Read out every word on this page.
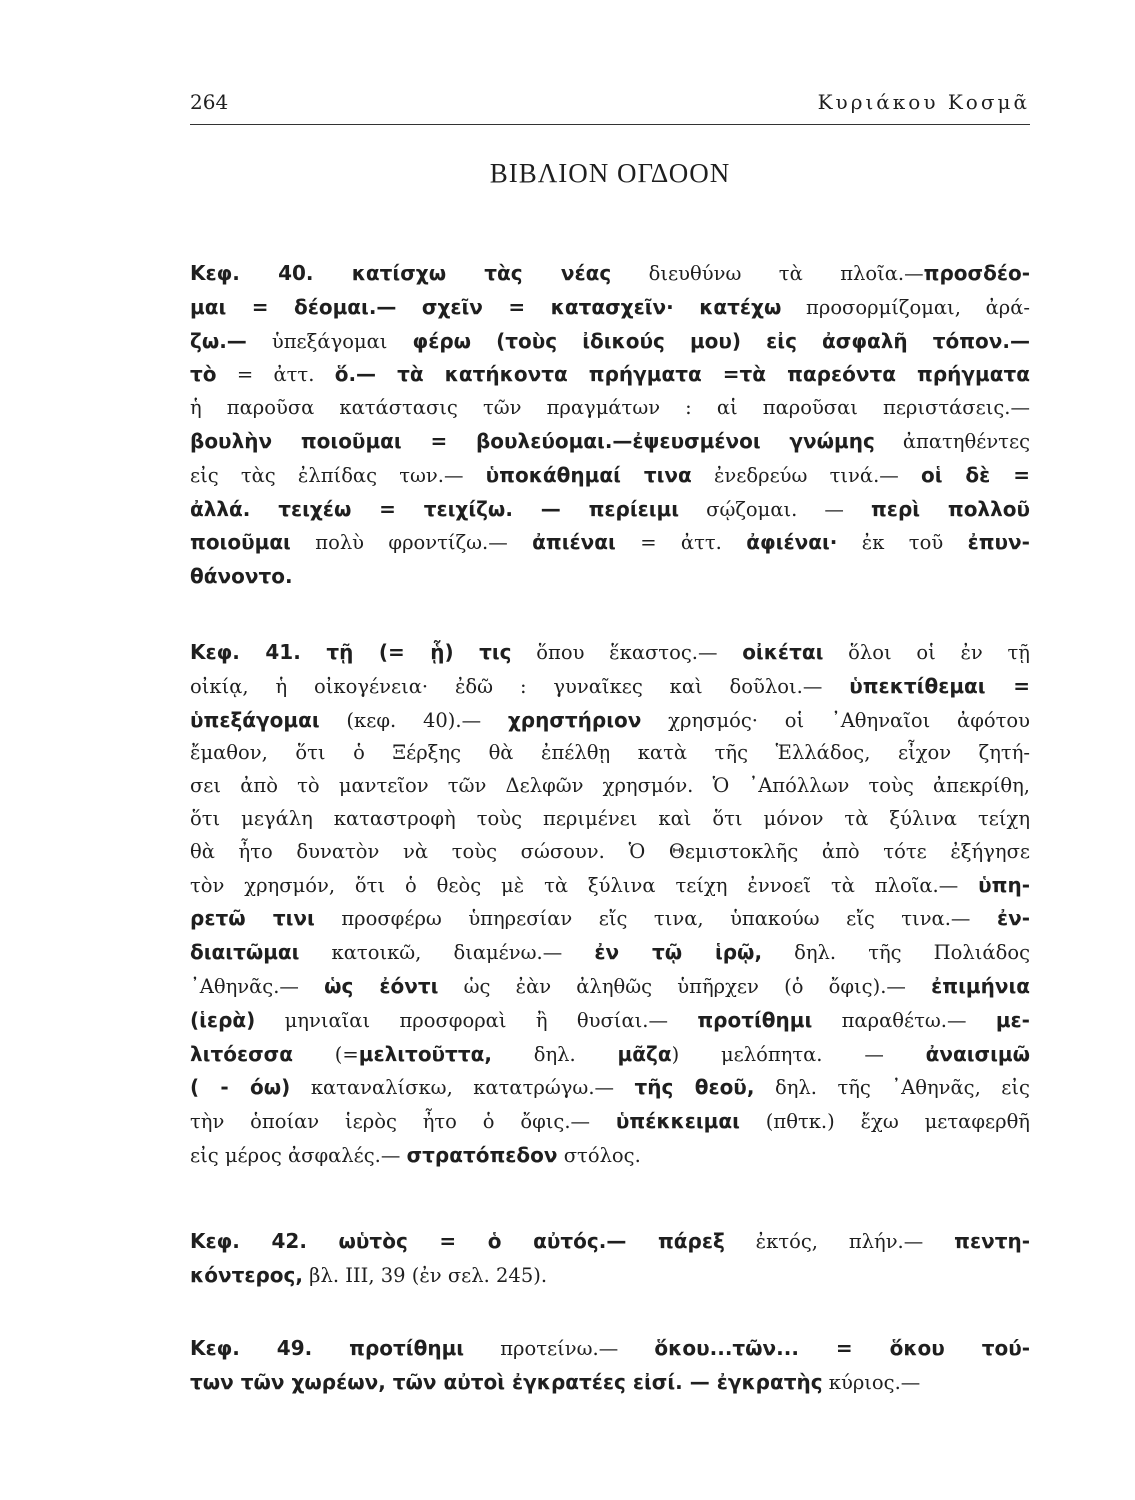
264	Κυριάκου Κοσμᾶ
ΒΙΒΛΙΟΝ ΟΓΔΟΟΝ
Κεφ. 40. κατίσχω τὰς νέας διευθύνω τὰ πλοῖα.—προσδέο-
μαι = δέομαι.— σχεῖν = κατασχεῖν· κατέχω προσορμίζομαι, ἀρά-
ζω.— ὑπεξάγομαι φέρω (τοὺς ἰδικούς μου) εἰς ἀσφαλῆ τόπον.—
τὸ = ἀττ. ὅ.— τὰ κατήκοντα πρήγματα =τὰ παρεόντα πρήγματα
ἡ παροῦσα κατάστασις τῶν πραγμάτων : αἱ παροῦσαι περιστάσεις.—
βουλὴν ποιοῦμαι = βουλεύομαι.—ἐψευσμένοι γνώμης ἀπατηθέντες
εἰς τὰς ἐλπίδας των.— ὑποκάθημαί τινα ἐνεδρεύω τινά.— οἱ δὲ =
ἀλλά. τειχέω = τειχίζω. — περίειμι σῴζομαι. — περὶ πολλοῦ
ποιοῦμαι πολὺ φροντίζω.— ἀπιέναι = ἀττ. ἀφιέναι· ἐκ τοῦ ἐπυν-
θάνοντο.
Κεφ. 41. τῇ (= ᾗ) τις ὅπου ἕκαστος.— οἰκέται ὅλοι οἱ ἐν τῇ
οἰκίᾳ, ἡ οἰκογένεια· ἐδῶ : γυναῖκες καὶ δοῦλοι.— ὑπεκτίθεμαι =
ὑπεξάγομαι (κεφ. 40).— χρηστήριον χρησμός· οἱ ᾿Αθηναῖοι ἀφότου
ἔμαθον, ὅτι ὁ Ξέρξης θὰ ἐπέλθῃ κατὰ τῆς Ἑλλάδος, εἶχον ζητή-
σει ἀπὸ τὸ μαντεῖον τῶν Δελφῶν χρησμόν. Ὁ ᾿Απόλλων τοὺς ἀπεκρίθη,
ὅτι μεγάλη καταστροφὴ τοὺς περιμένει καὶ ὅτι μόνον τὰ ξύλινα τείχη
θὰ ἦτο δυνατὸν νὰ τοὺς σώσουν. Ὁ Θεμιστοκλῆς ἀπὸ τότε ἐξήγησε
τὸν χρησμόν, ὅτι ὁ θεὸς μὲ τὰ ξύλινα τείχη ἐννοεῖ τὰ πλοῖα.— ὑπη-
ρετῶ τινι προσφέρω ὑπηρεσίαν εἴς τινα, ὑπακούω εἴς τινα.— ἐν-
διαιτῶμαι κατοικῶ, διαμένω.— ἐν τῷ ἱρῷ, δηλ. τῆς Πολιάδος
᾿Αθηνᾶς.— ὡς ἐόντι ὡς ἐὰν ἀληθῶς ὑπῆρχεν (ὁ ὄφις).— ἐπιμήνια
(ἱερὰ) μηνιαῖαι προσφοραὶ ἢ θυσίαι.— προτίθημι παραθέτω.— με-
λιτόεσσα (=μελιτοῦττα, δηλ. μᾶζα) μελόπητα. — ἀναισιμῶ
( - όω) καταναλίσκω, κατατρώγω.— τῆς θεοῦ, δηλ. τῆς ᾿Αθηνᾶς, εἰς
τὴν ὁποίαν ἱερὸς ἦτο ὁ ὄφις.— ὑπέκκειμαι (πθτκ.) ἔχω μεταφερθῆ
εἰς μέρος ἀσφαλές.— στρατόπεδον στόλος.
Κεφ. 42. ωὑτὸς = ὁ αὐτός.— πάρεξ ἐκτός, πλήν.— πεντη-
κόντερος, βλ. ΙΙΙ, 39 (ἐν σελ. 245).
Κεφ. 49. προτίθημι προτείνω.— ὅκου...τῶν... = ὅκου τού-
των τῶν χωρέων, τῶν αὐτοὶ ἐγκρατέες εἰσί. — ἐγκρατὴς κύριος.—
